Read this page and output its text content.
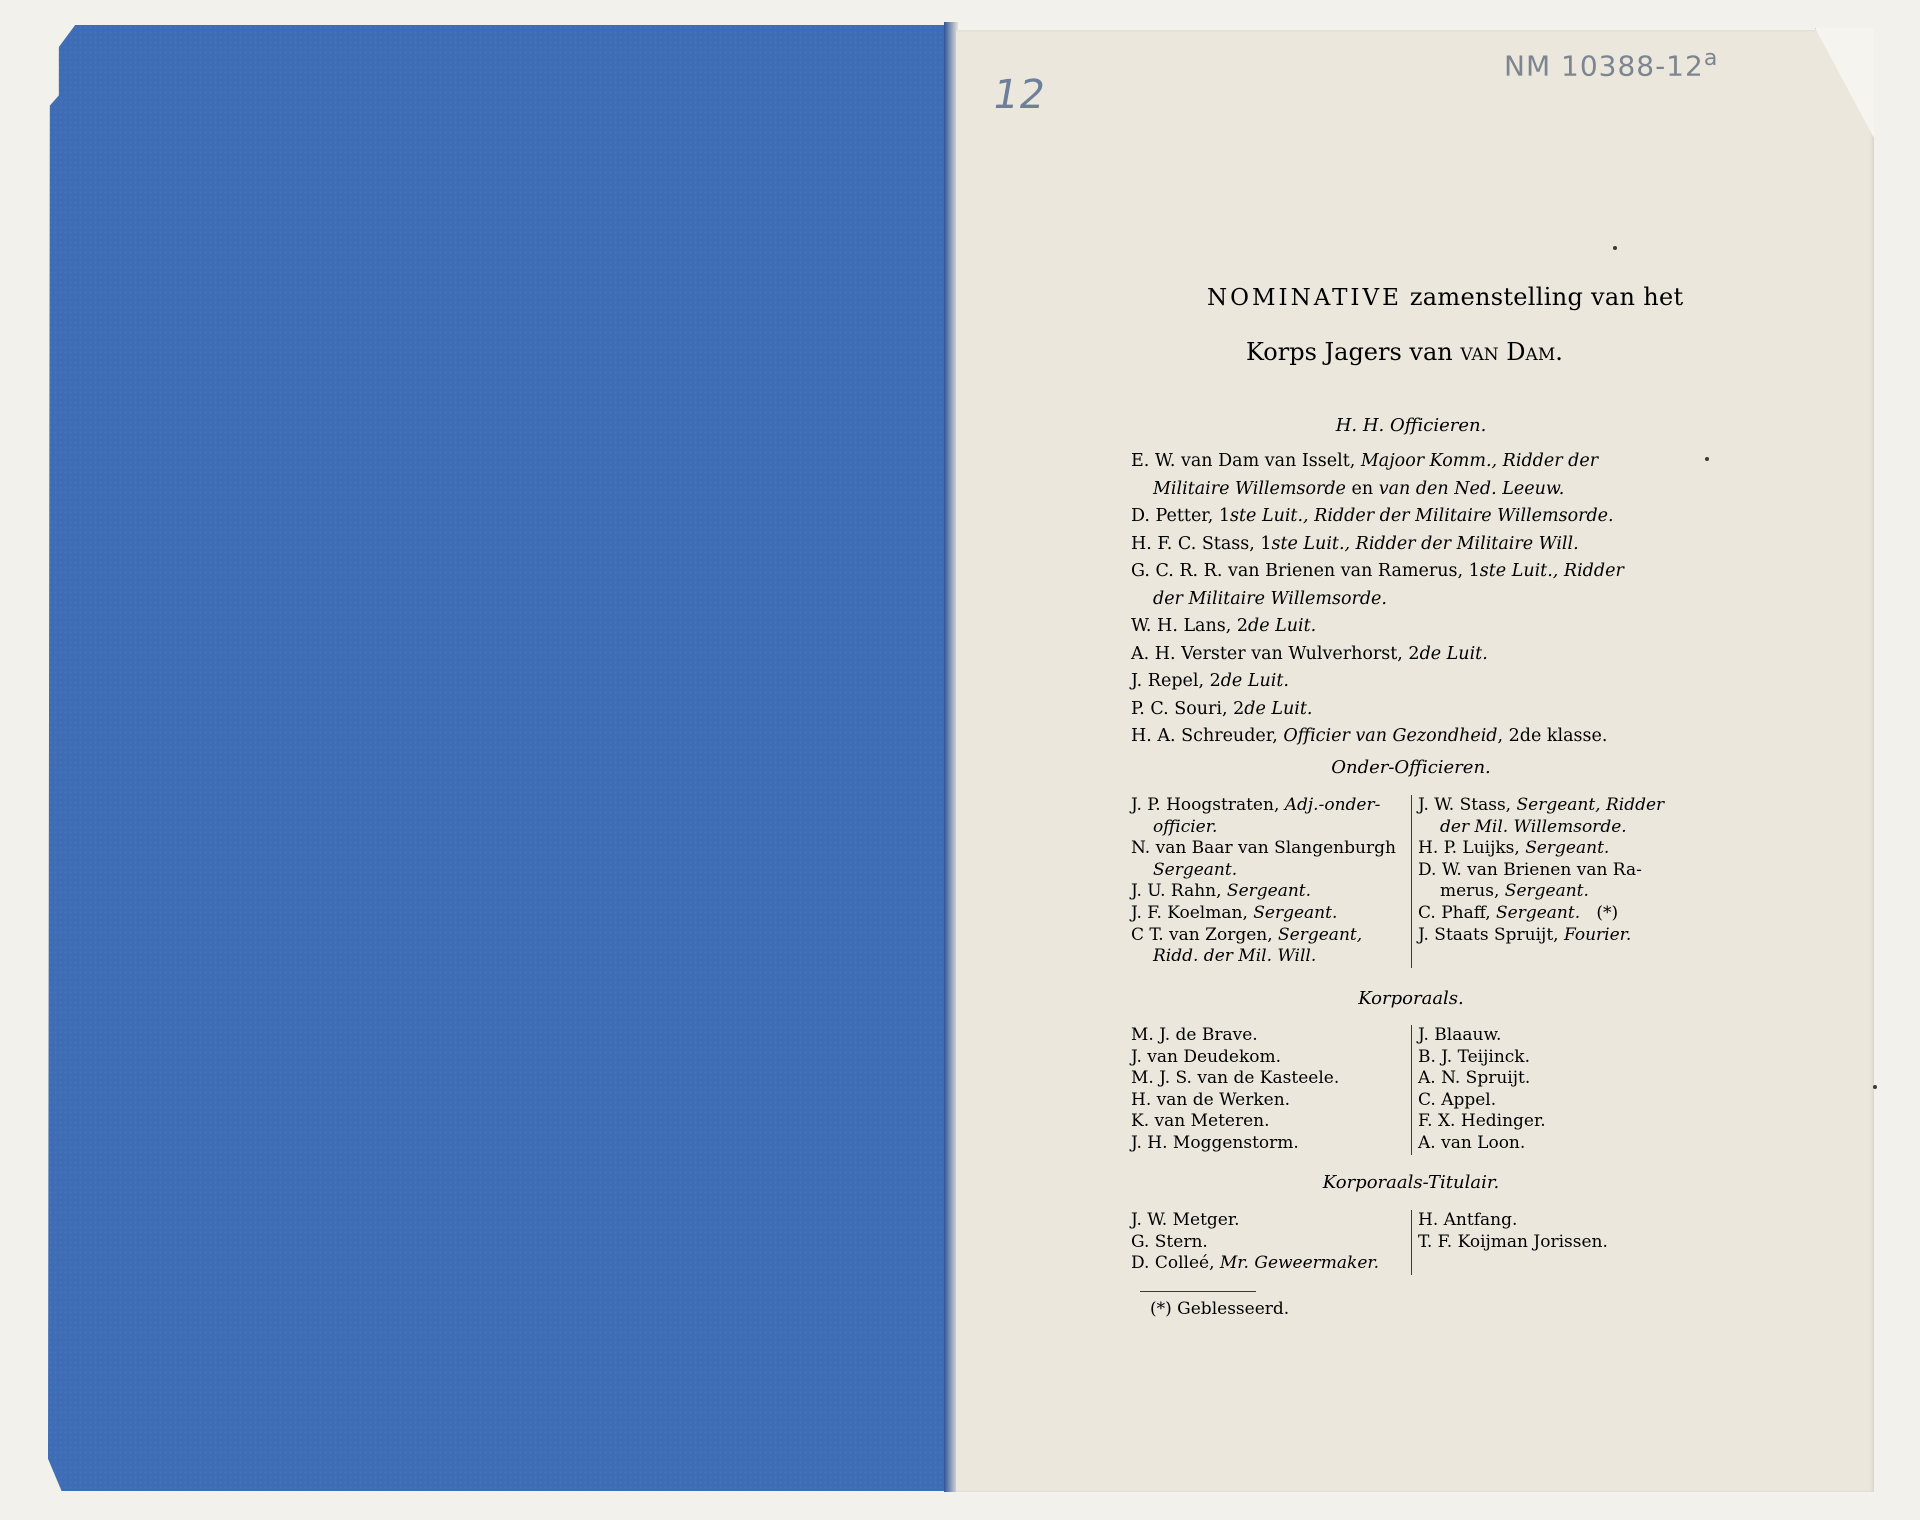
12
NM 10388-12$^a$
NOMINATIVE zamenstelling van het
Korps Jagers van van Dam.
H. H. Officieren.
E. W. van Dam van Isselt, Majoor Komm., Ridder der
Militaire Willemsorde en van den Ned. Leeuw.
D. Petter, 1ste Luit., Ridder der Militaire Willemsorde.
H. F. C. Stass, 1ste Luit., Ridder der Militaire Will.
G. C. R. R. van Brienen van Ramerus, 1ste Luit., Ridder
der Militaire Willemsorde.
W. H. Lans, 2de Luit.
A. H. Verster van Wulverhorst, 2de Luit.
J. Repel, 2de Luit.
P. C. Souri, 2de Luit.
H. A. Schreuder, Officier van Gezondheid, 2de klasse.
Onder-Officieren.
J. P. Hoogstraten, Adj.-onder-
officier.
N. van Baar van Slangenburgh
Sergeant.
J. U. Rahn, Sergeant.
J. F. Koelman, Sergeant.
C T. van Zorgen, Sergeant,
Ridd. der Mil. Will.
J. W. Stass, Sergeant, Ridder
der Mil. Willemsorde.
H. P. Luijks, Sergeant.
D. W. van Brienen van Ra-
merus, Sergeant.
C. Phaff, Sergeant.   (*)
J. Staats Spruijt, Fourier.
Korporaals.
M. J. de Brave.
J. van Deudekom.
M. J. S. van de Kasteele.
H. van de Werken.
K. van Meteren.
J. H. Moggenstorm.
J. Blaauw.
B. J. Teijinck.
A. N. Spruijt.
C. Appel.
F. X. Hedinger.
A. van Loon.
Korporaals-Titulair.
J. W. Metger.
G. Stern.
D. Colleé, Mr. Geweermaker.
H. Antfang.
T. F. Koijman Jorissen.
(*) Geblesseerd.
